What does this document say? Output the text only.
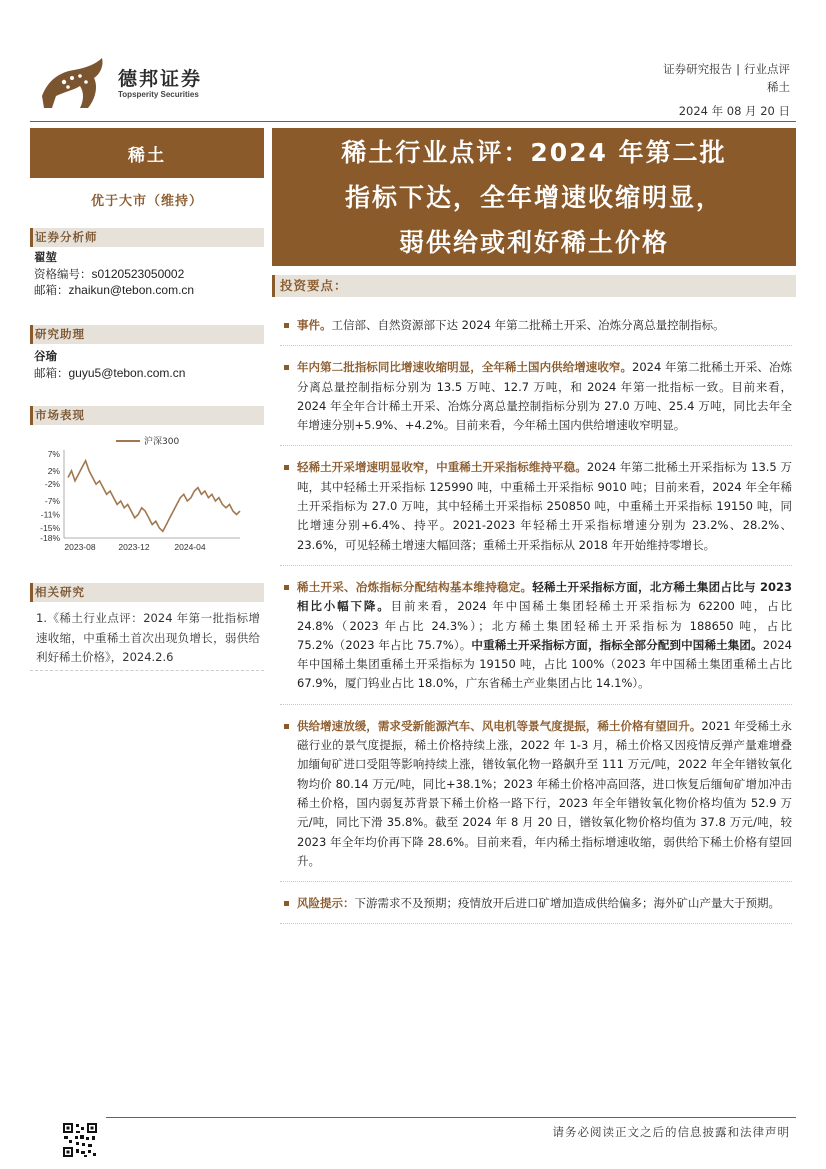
德邦证券
Topsperity Securities
证券研究报告 | 行业点评
稀土
2024 年 08 月 20 日
稀土
优于大市（维持）
证券分析师
翟堃
资格编号：s0120523050002
邮箱：zhaikun@tebon.com.cn
研究助理
谷瑜
邮箱：guyu5@tebon.com.cn
市场表现
7%
2%
-2%
-7%
-11%
-15%
-18%
2023-08	2023-12	2024-04
沪深300
相关研究
1.《稀土行业点评：2024 年第一批指标增速收缩，中重稀土首次出现负增长，弱供给利好稀土价格》，2024.2.6
稀土行业点评：2024 年第二批
指标下达，全年增速收缩明显，
弱供给或利好稀土价格
投资要点：
事件。工信部、自然资源部下达 2024 年第二批稀土开采、冶炼分离总量控制指标。
年内第二批指标同比增速收缩明显，全年稀土国内供给增速收窄。2024 年第二批稀土开采、冶炼分离总量控制指标分别为 13.5 万吨、12.7 万吨，和 2024 年第一批指标一致。目前来看，2024 年全年合计稀土开采、冶炼分离总量控制指标分别为 27.0 万吨、25.4 万吨，同比去年全年增速分别+5.9%、+4.2%。目前来看，今年稀土国内供给增速收窄明显。
轻稀土开采增速明显收窄，中重稀土开采指标维持平稳。2024 年第二批稀土开采指标为 13.5 万吨，其中轻稀土开采指标 125990 吨，中重稀土开采指标 9010 吨；目前来看，2024 年全年稀土开采指标为 27.0 万吨，其中轻稀土开采指标 250850 吨，中重稀土开采指标 19150 吨，同比增速分别+6.4%、持平。2021-2023 年轻稀土开采指标增速分别为 23.2%、28.2%、23.6%，可见轻稀土增速大幅回落；重稀土开采指标从 2018 年开始维持零增长。
稀土开采、冶炼指标分配结构基本维持稳定。轻稀土开采指标方面，北方稀土集团占比与 2023 相比小幅下降。目前来看，2024 年中国稀土集团轻稀土开采指标为 62200 吨，占比 24.8%（2023 年占比 24.3%）；北方稀土集团轻稀土开采指标为 188650 吨，占比 75.2%（2023 年占比 75.7%）。中重稀土开采指标方面，指标全部分配到中国稀土集团。2024 年中国稀土集团重稀土开采指标为 19150 吨，占比 100%（2023 年中国稀土集团重稀土占比 67.9%，厦门钨业占比 18.0%，广东省稀土产业集团占比 14.1%）。
供给增速放缓，需求受新能源汽车、风电机等景气度提振，稀土价格有望回升。2021 年受稀土永磁行业的景气度提振，稀土价格持续上涨，2022 年 1-3 月，稀土价格又因疫情反弹产量难增叠加缅甸矿进口受阻等影响持续上涨，镨钕氧化物一路飙升至 111 万元/吨，2022 年全年镨钕氧化物均价 80.14 万元/吨，同比+38.1%；2023 年稀土价格冲高回落，进口恢复后缅甸矿增加冲击稀土价格，国内弱复苏背景下稀土价格一路下行，2023 年全年镨钕氧化物价格均值为 52.9 万元/吨，同比下滑 35.8%。截至 2024 年 8 月 20 日，镨钕氧化物价格均值为 37.8 万元/吨，较 2023 年全年均价再下降 28.6%。目前来看，年内稀土指标增速收缩，弱供给下稀土价格有望回升。
风险提示：下游需求不及预期；疫情放开后进口矿增加造成供给偏多；海外矿山产量大于预期。
请务必阅读正文之后的信息披露和法律声明
